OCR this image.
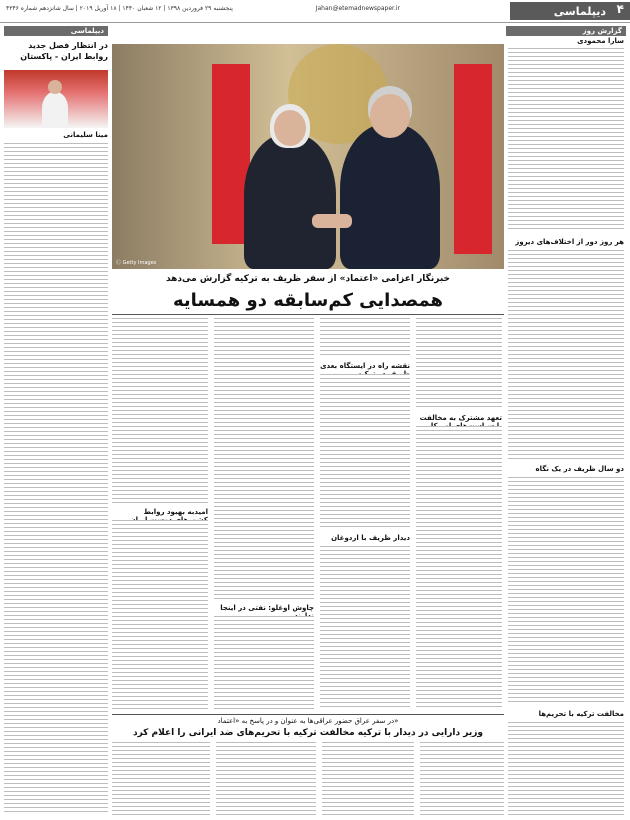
دیپلماسی ۴
Jahan@etemadnewspaper.ir
پنجشنبه ۲۹ فروردین ۱۳۹۸ | ۱۲ شعبان ۱۴۴۰ | ۱۸ آوریل ۲۰۱۹ | سال شانزدهم شماره ۴۳۴۶
گزارش روز
سارا محمودی
هر روز دور از اختلاف‌های دیروز
دو سال ظریف در یک نگاه
مخالفت ترکیه با تحریم‌ها
دیپلماسی
در انتظار فصل جدید روابط ایران - پاکستان
مینا سلیمانی
Ⓒ Getty Images
خبرنگار اعزامی «اعتماد» از سفر ظریف به ترکیه گزارش می‌دهد
همصدایی کم‌سابقه دو همسایه
تعهد مشترک به مخالفت
نقشه راه در ایستگاه بعدی
دیدار ظریف با اردوغان
چاوش اوغلو: نفتی در اینجا
امیدبه بهبود روابط
در سفر عراق حضور عراقی‌ها به عنوان و در پاسخ به «اعتماد»
وزیر دارایی در دیدار با ترکیه مخالفت ترکیه با تحریم‌های ضد ایرانی را اعلام کرد
